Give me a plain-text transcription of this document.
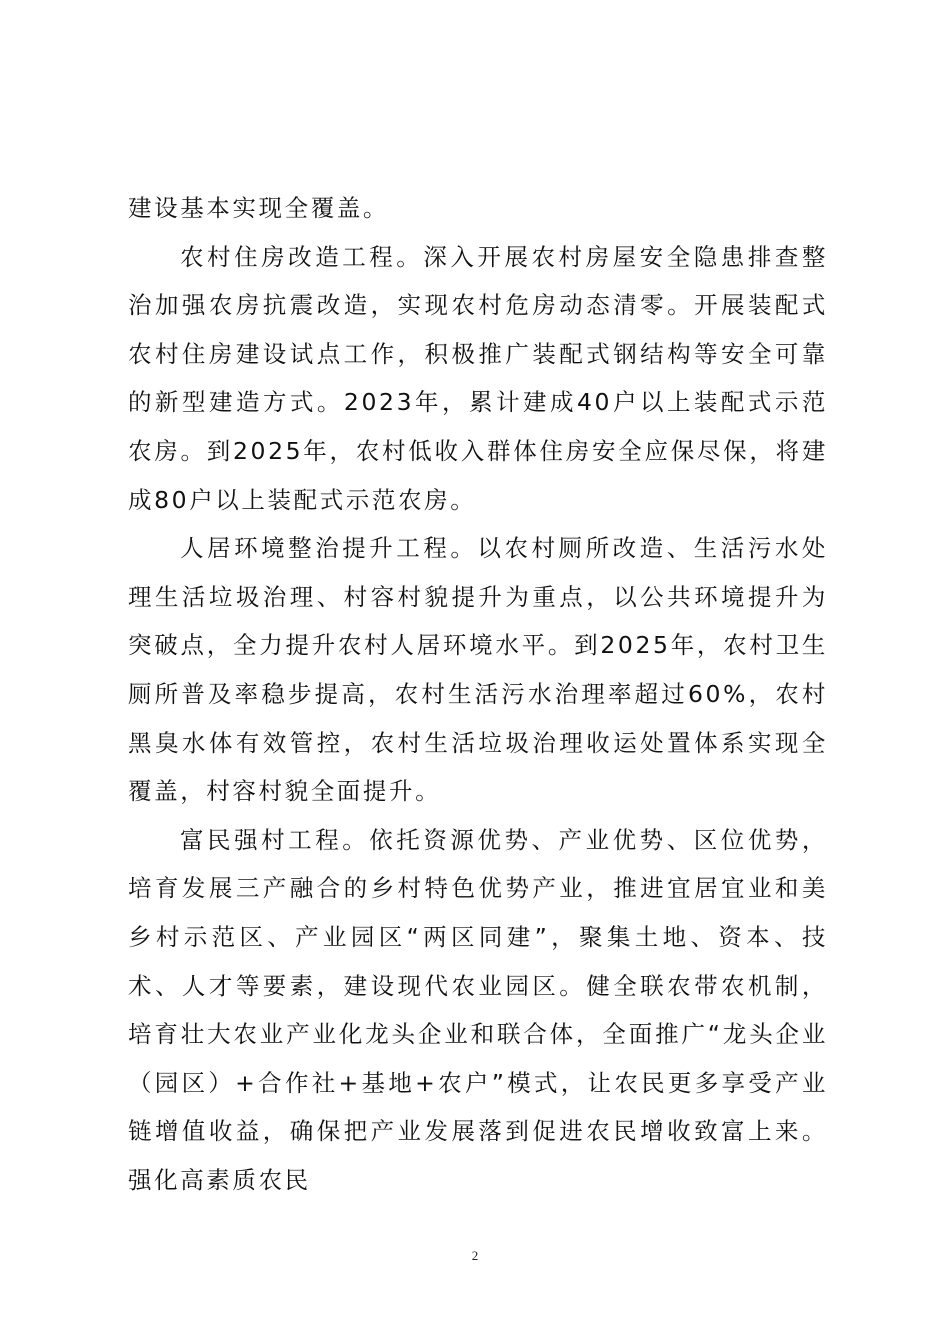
建设基本实现全覆盖。

农村住房改造工程。深入开展农村房屋安全隐患排查整治加强农房抗震改造，实现农村危房动态清零。开展装配式农村住房建设试点工作，积极推广装配式钢结构等安全可靠的新型建造方式。2023年，累计建成40户以上装配式示范农房。到2025年，农村低收入群体住房安全应保尽保，将建成80户以上装配式示范农房。

人居环境整治提升工程。以农村厕所改造、生活污水处理生活垃圾治理、村容村貌提升为重点，以公共环境提升为突破点，全力提升农村人居环境水平。到2025年，农村卫生厕所普及率稳步提高，农村生活污水治理率超过60%，农村黑臭水体有效管控，农村生活垃圾治理收运处置体系实现全覆盖，村容村貌全面提升。

富民强村工程。依托资源优势、产业优势、区位优势，培育发展三产融合的乡村特色优势产业，推进宜居宜业和美乡村示范区、产业园区“两区同建”，聚集土地、资本、技术、人才等要素，建设现代农业园区。健全联农带农机制，培育壮大农业产业化龙头企业和联合体，全面推广“龙头企业（园区）+合作社+基地+农户”模式，让农民更多享受产业链增值收益，确保把产业发展落到促进农民增收致富上来。强化高素质农民

2
